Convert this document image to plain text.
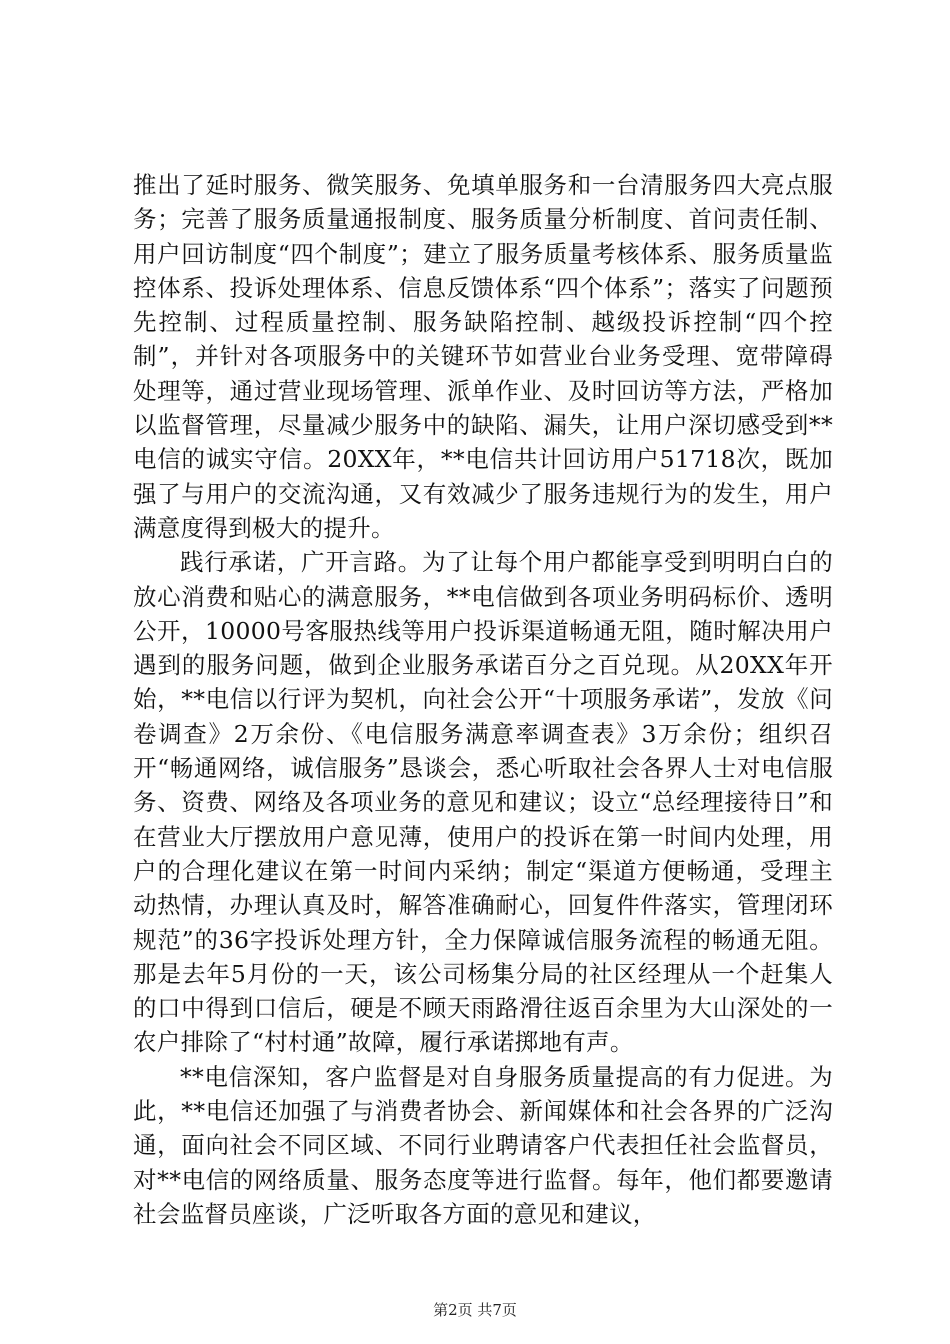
推出了延时服务、微笑服务、免填单服务和一台清服务四大亮点服务；完善了服务质量通报制度、服务质量分析制度、首问责任制、用户回访制度“四个制度”；建立了服务质量考核体系、服务质量监控体系、投诉处理体系、信息反馈体系“四个体系”；落实了问题预先控制、过程质量控制、服务缺陷控制、越级投诉控制“四个控制”，并针对各项服务中的关键环节如营业台业务受理、宽带障碍处理等，通过营业现场管理、派单作业、及时回访等方法，严格加以监督管理，尽量减少服务中的缺陷、漏失，让用户深切感受到**电信的诚实守信。20XX年，**电信共计回访用户51718次，既加强了与用户的交流沟通，又有效减少了服务违规行为的发生，用户满意度得到极大的提升。

践行承诺，广开言路。为了让每个用户都能享受到明明白白的放心消费和贴心的满意服务，**电信做到各项业务明码标价、透明公开，10000号客服热线等用户投诉渠道畅通无阻，随时解决用户遇到的服务问题，做到企业服务承诺百分之百兑现。从20XX年开始，**电信以行评为契机，向社会公开“十项服务承诺”，发放《问卷调查》2万余份、《电信服务满意率调查表》3万余份；组织召开“畅通网络，诚信服务”恳谈会，悉心听取社会各界人士对电信服务、资费、网络及各项业务的意见和建议；设立“总经理接待日”和在营业大厅摆放用户意见薄，使用户的投诉在第一时间内处理，用户的合理化建议在第一时间内采纳；制定“渠道方便畅通，受理主动热情，办理认真及时，解答准确耐心，回复件件落实，管理闭环规范”的36字投诉处理方针，全力保障诚信服务流程的畅通无阻。那是去年5月份的一天，该公司杨集分局的社区经理从一个赶集人的口中得到口信后，硬是不顾天雨路滑往返百余里为大山深处的一农户排除了“村村通”故障，履行承诺掷地有声。

**电信深知，客户监督是对自身服务质量提高的有力促进。为此，**电信还加强了与消费者协会、新闻媒体和社会各界的广泛沟通，面向社会不同区域、不同行业聘请客户代表担任社会监督员，对**电信的网络质量、服务态度等进行监督。每年，他们都要邀请社会监督员座谈，广泛听取各方面的意见和建议，

第2页 共7页
